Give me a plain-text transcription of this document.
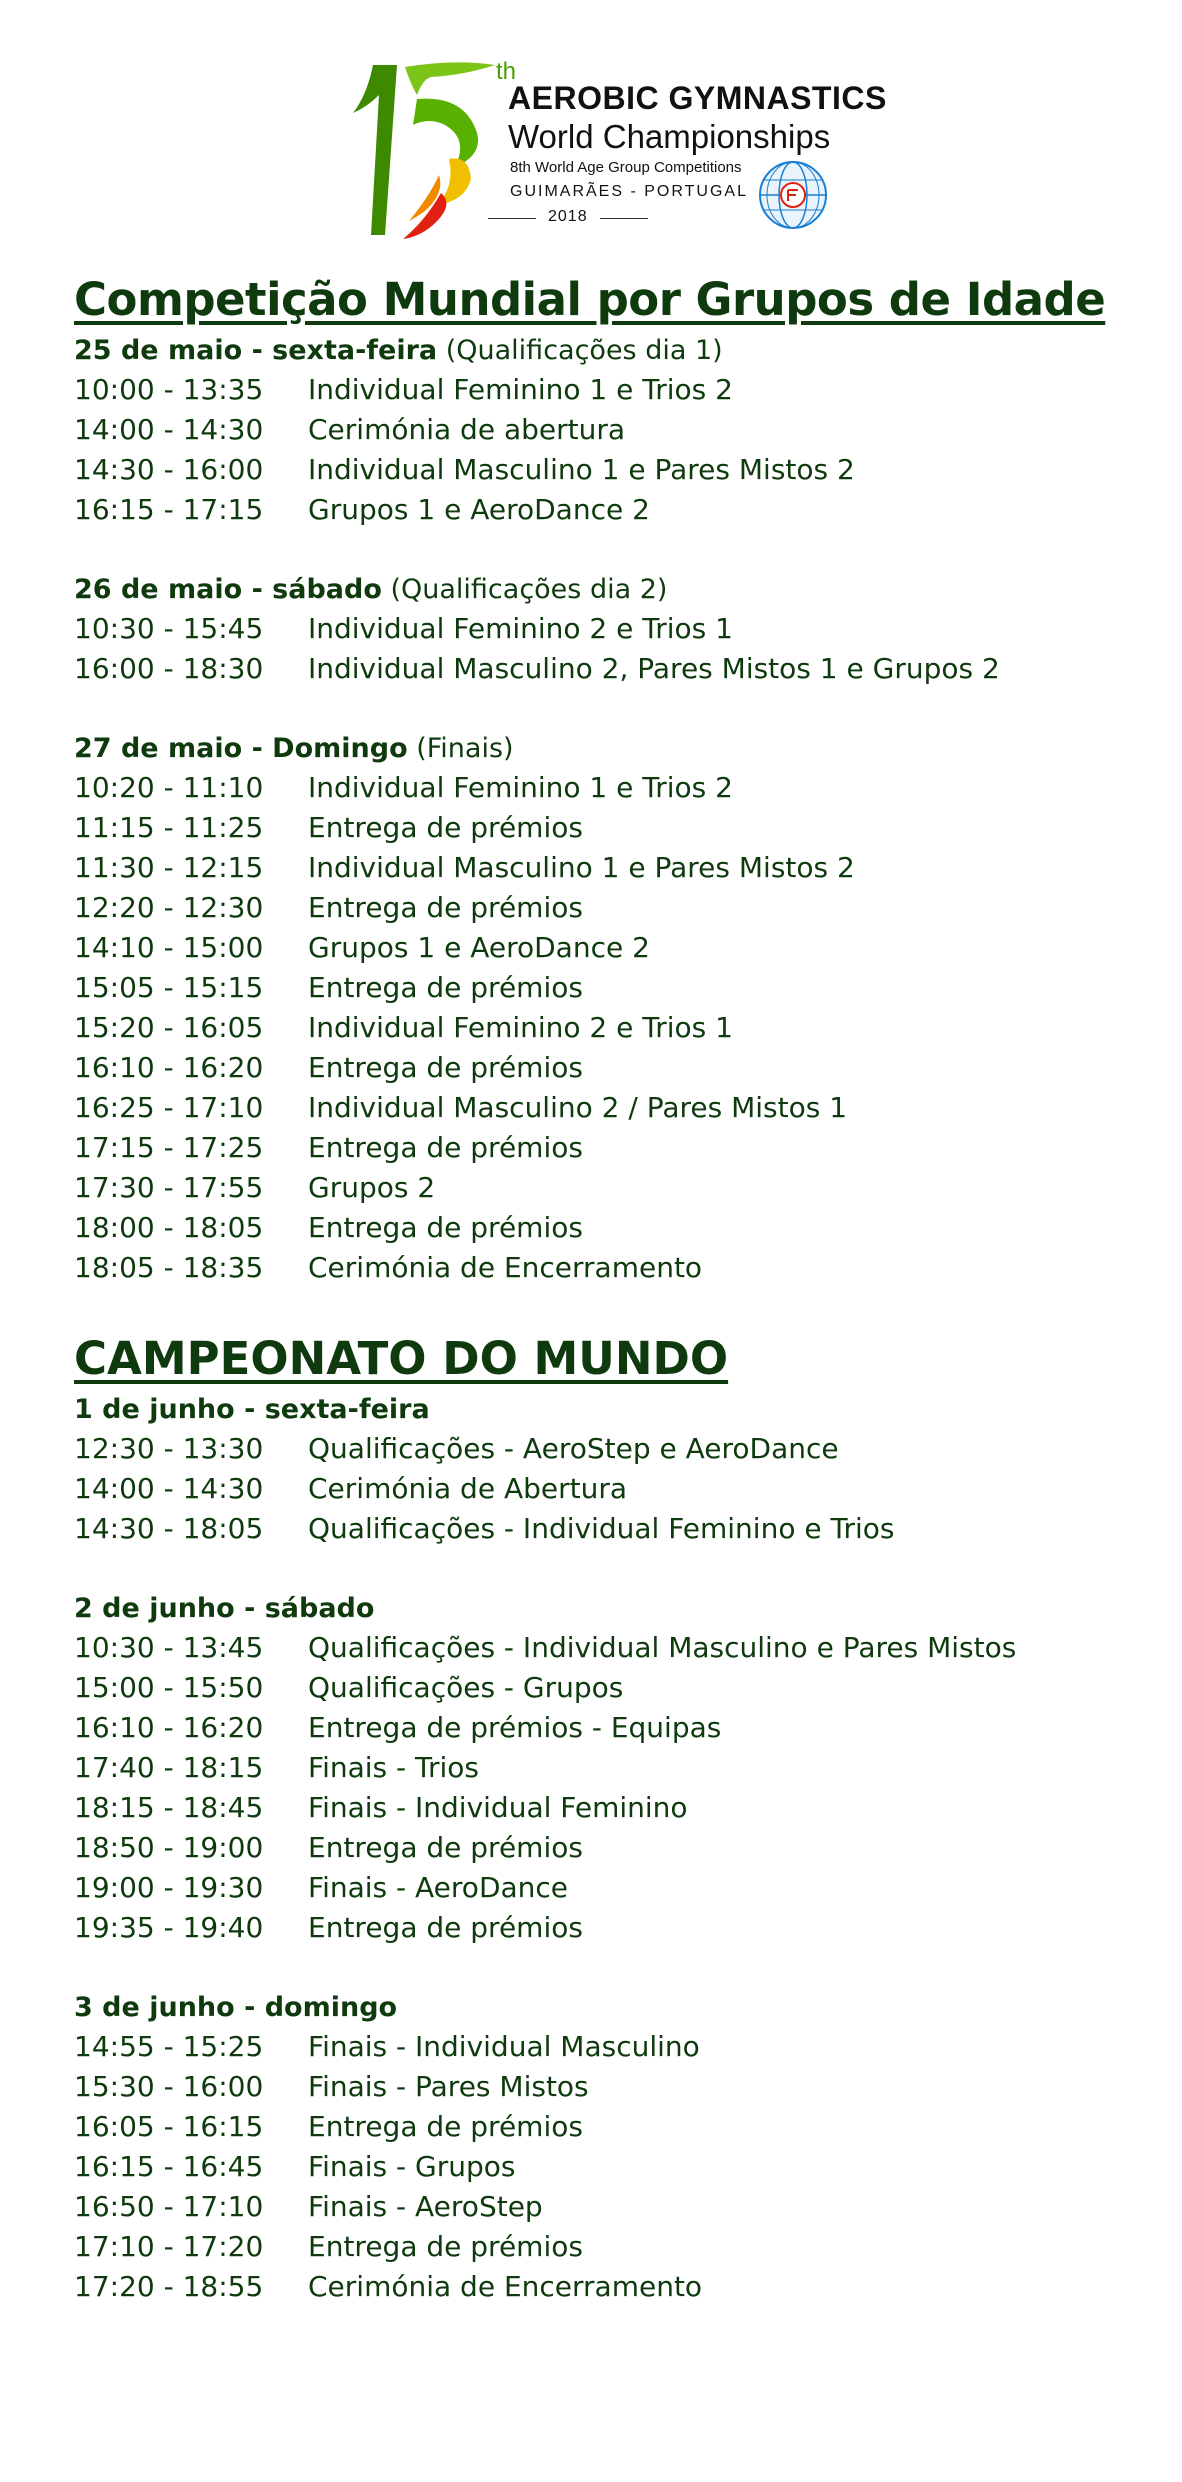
th
AEROBIC GYMNASTICS
World Championships
8th World Age Group Competitions
GUIMARÃES - PORTUGAL
2018
Competição Mundial por Grupos de Idade
25 de maio - sexta-feira (Qualificações dia 1)
10:00 - 13:35	Individual Feminino 1 e Trios 2
14:00 - 14:30	Cerimónia de abertura
14:30 - 16:00	Individual Masculino 1 e Pares Mistos 2
16:15 - 17:15	Grupos 1 e AeroDance 2
26 de maio - sábado (Qualificações dia 2)
10:30 - 15:45	Individual Feminino 2 e Trios 1
16:00 - 18:30	Individual Masculino 2, Pares Mistos 1 e Grupos 2
27 de maio - Domingo (Finais)
10:20 - 11:10	Individual Feminino 1 e Trios 2
11:15 - 11:25	Entrega de prémios
11:30 - 12:15	Individual Masculino 1 e Pares Mistos 2
12:20 - 12:30	Entrega de prémios
14:10 - 15:00	Grupos 1 e AeroDance 2
15:05 - 15:15	Entrega de prémios
15:20 - 16:05	Individual Feminino 2 e Trios 1
16:10 - 16:20	Entrega de prémios
16:25 - 17:10	Individual Masculino 2 / Pares Mistos 1
17:15 - 17:25	Entrega de prémios
17:30 - 17:55	Grupos 2
18:00 - 18:05	Entrega de prémios
18:05 - 18:35	Cerimónia de Encerramento
CAMPEONATO DO MUNDO
1 de junho - sexta-feira
12:30 - 13:30	Qualificações - AeroStep e AeroDance
14:00 - 14:30	Cerimónia de Abertura
14:30 - 18:05	Qualificações - Individual Feminino e Trios
2 de junho - sábado
10:30 - 13:45	Qualificações - Individual Masculino e Pares Mistos
15:00 - 15:50	Qualificações - Grupos
16:10 - 16:20	Entrega de prémios - Equipas
17:40 - 18:15	Finais - Trios
18:15 - 18:45	Finais - Individual Feminino
18:50 - 19:00	Entrega de prémios
19:00 - 19:30	Finais - AeroDance
19:35 - 19:40	Entrega de prémios
3 de junho - domingo
14:55 - 15:25	Finais - Individual Masculino
15:30 - 16:00	Finais - Pares Mistos
16:05 - 16:15	Entrega de prémios
16:15 - 16:45	Finais - Grupos
16:50 - 17:10	Finais - AeroStep
17:10 - 17:20	Entrega de prémios
17:20 - 18:55	Cerimónia de Encerramento
